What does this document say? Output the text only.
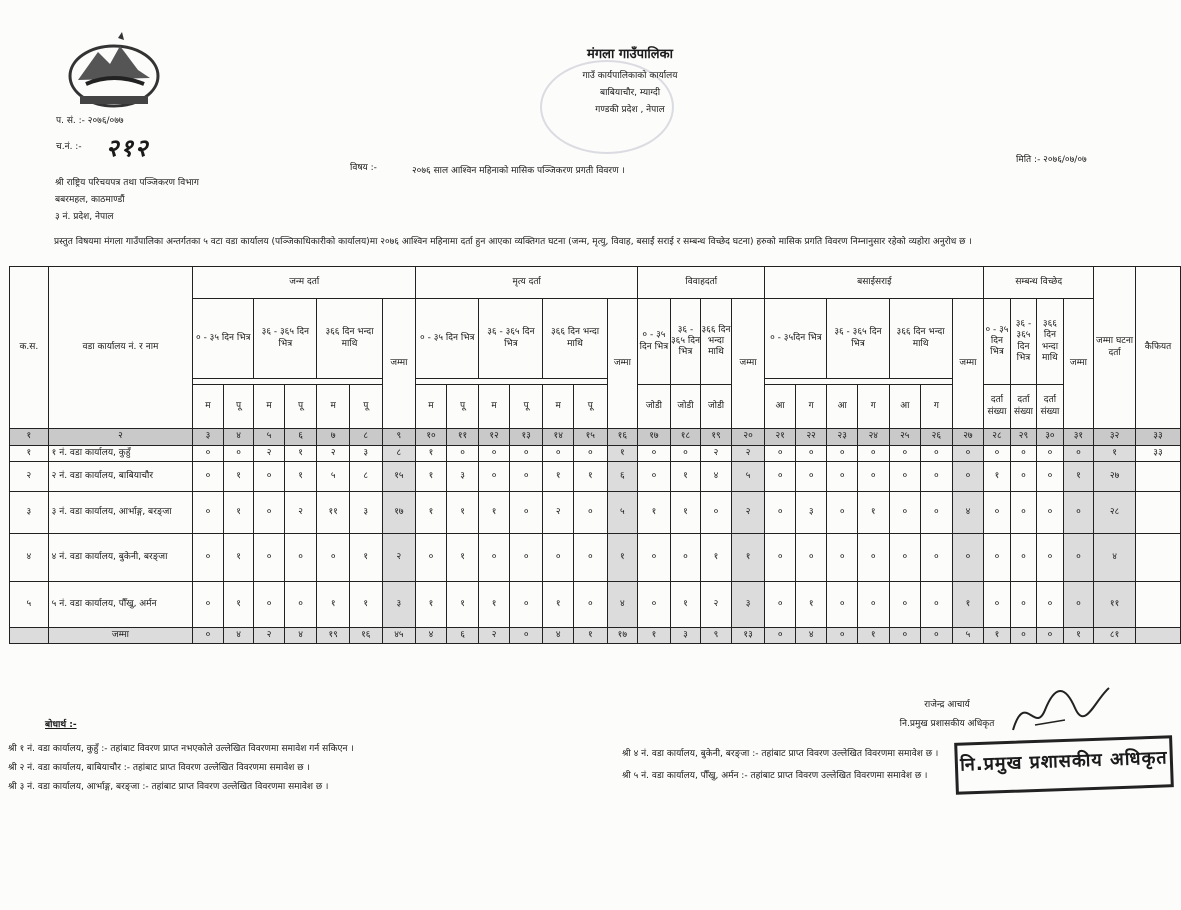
मंगला गाउँपालिका
गाउँ कार्यपालिकाको कार्यालय
बाबियाचौर, म्याग्दी
गण्डकी प्रदेश , नेपाल
प. सं. :- २०७६/०७७
च.नं. :- २१२
विषय :-	२०७६ साल आश्विन महिनाको मासिक पञ्जिकरण प्रगती विवरण ।
मिति :- २०७६/०७/०७
श्री राष्ट्रिय परिचयपत्र तथा पञ्जिकरण विभाग
बबरमहल, काठमाण्डौं
३ नं. प्रदेश, नेपाल
प्रस्तुत विषयमा मंगला गाउँपालिका अन्तर्गतका ५ वटा वडा कार्यालय (पञ्जिकाधिकारीको कार्यालय)मा २०७६ आश्विन महिनामा दर्ता हुन आएका व्यक्तिगत घटना (जन्म, मृत्यु, विवाह, बसाईं सराई र सम्बन्ध विच्छेद घटना) हरुको मासिक प्रगति विवरण निम्नानुसार रहेको व्यहोरा अनुरोध छ ।
क.स.	वडा कार्यालय नं. र नाम	जन्म दर्ता							मृत्य दर्ता							विवाहदर्ता				बसाईसराई							सम्बन्ध विच्छेद				जम्मा घटना दर्ता	कैफियत
		० - ३५ दिन भित्र		३६ - ३६५ दिन भित्र		३६६ दिन भन्दा माथि		जम्मा	० - ३५ दिन भित्र		३६ - ३६५ दिन भित्र		३६६ दिन भन्दा माथि		जम्मा	० - ३५ दिन भित्र	३६ - ३६५ दिन भित्र	३६६ दिन भन्दा माथि	जम्मा	० - ३५दिन भित्र		३६ - ३६५ दिन भित्र		३६६ दिन भन्दा माथि		जम्मा	० - ३५ दिन भित्र	३६ - ३६५ दिन भित्र	३६६ दिन भन्दा माथि	जम्मा		

		म	पू	म	पू	म	पू		म	पू	म	पू	म	पू		जोडी	जोडी	जोडी		आ	ग	आ	ग	आ	ग		दर्ता संख्या	दर्ता संख्या	दर्ता संख्या			
१	२	३	४	५	६	७	८	९	१०	११	१२	१३	१४	१५	१६	१७	१८	१९	२०	२१	२२	२३	२४	२५	२६	२७	२८	२९	३०	३१	३२	३३
१	१ नं. वडा कार्यालय, कुहुँ	०	०	२	१	२	३	८	१	०	०	०	०	०	१	०	०	२	२	०	०	०	०	०	०	०	०	०	०	०	१	३३
२	२ नं. वडा कार्यालय, बाबियाचौर	०	१	०	१	५	८	१५	१	३	०	०	१	१	६	०	१	४	५	०	०	०	०	०	०	०	१	०	०	१	२७	
३	३ नं. वडा कार्यालय, आर्भाङ्ग, बरङ्जा	०	१	०	२	११	३	१७	१	१	१	०	२	०	५	१	१	०	२	०	३	०	१	०	०	४	०	०	०	०	२८	
४	४ नं. वडा कार्यालय, बुकेनी, बरङ्जा	०	१	०	०	०	१	२	०	१	०	०	०	०	१	०	०	१	१	०	०	०	०	०	०	०	०	०	०	०	४	
५	५ नं. वडा कार्यालय, पौँखु, अर्मन	०	१	०	०	१	१	३	१	१	१	०	१	०	४	०	१	२	३	०	१	०	०	०	०	१	०	०	०	०	११	
	जम्मा	०	४	२	४	१९	१६	४५	४	६	२	०	४	१	१७	१	३	९	१३	०	४	०	१	०	०	५	१	०	०	१	८१	
राजेन्द्र आचार्य
नि.प्रमुख प्रशासकीय अधिकृत
नि.प्रमुख प्रशासकीय अधिकृत
बोधार्थ :-
श्री १ नं. वडा कार्यालय, कुहुँ :- तहांबाट विवरण प्राप्त नभएकोले उल्लेखित विवरणमा समावेश गर्न सकिएन ।
श्री २ नं. वडा कार्यालय, बाबियाचौर :- तहांबाट प्राप्त विवरण उल्लेखित विवरणमा समावेश छ ।
श्री ३ नं. वडा कार्यालय, आर्भाङ्ग, बरङ्जा :- तहांबाट प्राप्त विवरण उल्लेखित विवरणमा समावेश छ ।
श्री ४ नं. वडा कार्यालय, बुकेनी, बरङ्जा :- तहांबाट प्राप्त विवरण उल्लेखित विवरणमा समावेश छ ।
श्री ५ नं. वडा कार्यालय, पौँखु, अर्मन :- तहांबाट प्राप्त विवरण उल्लेखित विवरणमा समावेश छ ।
